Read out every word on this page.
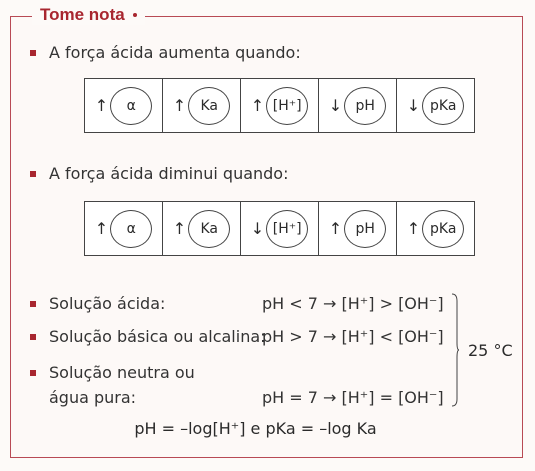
Tome nota
A força ácida aumenta quando:
↑	α	↑	Ka	↑ [H⁺]	↓ pH	↓ pKa
A força ácida diminui quando:
↑	α	↑	Ka	↓ [H⁺]	↑ pH	↑ pKa
Solução ácida:	pH < 7 → [H⁺] > [OH⁻]
Solução básica ou alcalina:
pH > 7 → [H⁺] < [OH⁻]
Solução neutra ou
água pura:	pH = 7 → [H⁺] = [OH⁻]
25 °C
pH = –log[H⁺] e pKa = –log Ka
